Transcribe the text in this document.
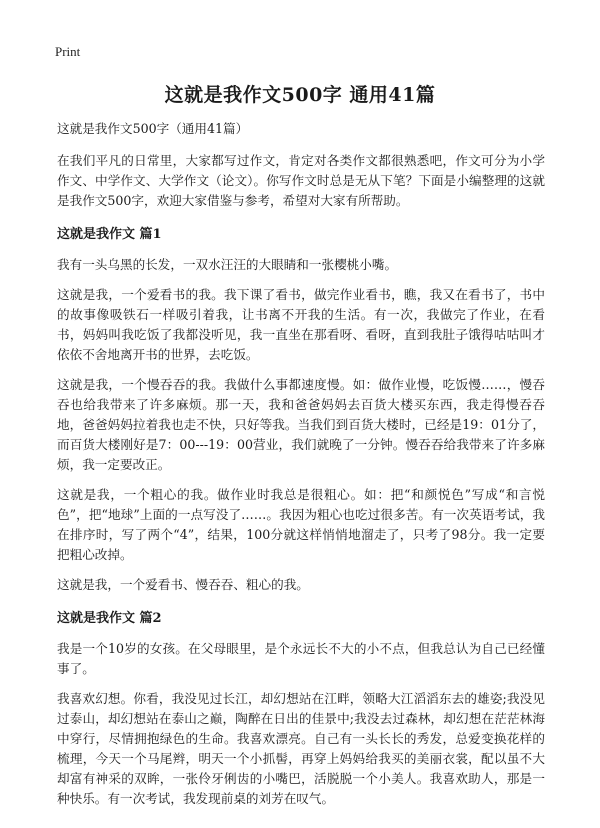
Print
这就是我作文500字 通用41篇

这就是我作文500字（通用41篇）

在我们平凡的日常里，大家都写过作文，肯定对各类作文都很熟悉吧，作文可分为小学作文、中学作文、大学作文（论文）。你写作文时总是无从下笔？下面是小编整理的这就是我作文500字，欢迎大家借鉴与参考，希望对大家有所帮助。

这就是我作文 篇1

我有一头乌黑的长发，一双水汪汪的大眼睛和一张樱桃小嘴。

这就是我，一个爱看书的我。我下课了看书，做完作业看书，瞧，我又在看书了，书中的故事像吸铁石一样吸引着我，让书离不开我的生活。有一次，我做完了作业，在看书，妈妈叫我吃饭了我都没听见，我一直坐在那看呀、看呀，直到我肚子饿得咕咕叫才依依不舍地离开书的世界，去吃饭。

这就是我，一个慢吞吞的我。我做什么事都速度慢。如：做作业慢，吃饭慢……，慢吞吞也给我带来了许多麻烦。那一天，我和爸爸妈妈去百货大楼买东西，我走得慢吞吞地，爸爸妈妈拉着我也走不快，只好等我。当我们到百货大楼时，已经是19：01分了，而百货大楼刚好是7：00---19：00营业，我们就晚了一分钟。慢吞吞给我带来了许多麻烦，我一定要改正。

这就是我，一个粗心的我。做作业时我总是很粗心。如：把“和颜悦色”写成“和言悦色”，把“地球”上面的一点写没了……。我因为粗心也吃过很多苦。有一次英语考试，我在排序时，写了两个“4”，结果，100分就这样悄悄地溜走了，只考了98分。我一定要把粗心改掉。

这就是我，一个爱看书、慢吞吞、粗心的我。

这就是我作文 篇2

我是一个10岁的女孩。在父母眼里，是个永远长不大的小不点，但我总认为自己已经懂事了。

我喜欢幻想。你看，我没见过长江，却幻想站在江畔，领略大江滔滔东去的雄姿;我没见过泰山，却幻想站在泰山之巅，陶醉在日出的佳景中;我没去过森林，却幻想在茫茫林海中穿行，尽情拥抱绿色的生命。我喜欢漂亮。自己有一头长长的秀发，总爱变换花样的梳理，今天一个马尾辫，明天一个小抓髻，再穿上妈妈给我买的美丽衣裳，配以虽不大却富有神采的双眸，一张伶牙俐齿的小嘴巴，活脱脱一个小美人。我喜欢助人，那是一种快乐。有一次考试，我发现前桌的刘芳在叹气。
